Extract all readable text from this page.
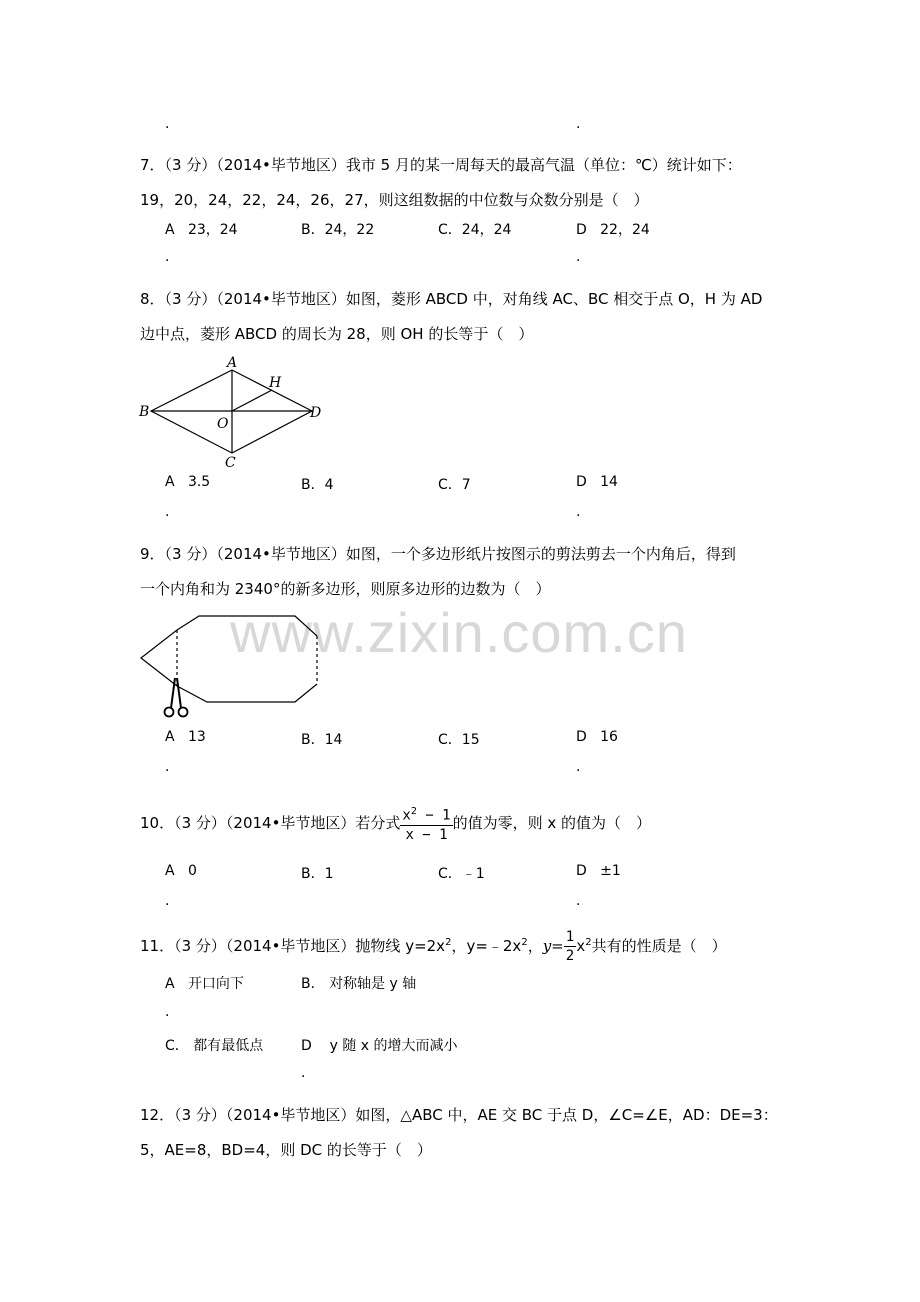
www.zixin.com.cn
.	.
7．（3 分）（2014•毕节地区）我市 5 月的某一周每天的最高气温（单位：℃）统计如下：
19，20，24，22，24，26，27，则这组数据的中位数与众数分别是（　）
A 23，24	B．24，22	C．24，24	D 22，24
.	.
8．（3 分）（2014•毕节地区）如图，菱形 ABCD 中，对角线 AC、BC 相交于点 O，H 为 AD
边中点，菱形 ABCD 的周长为 28，则 OH 的长等于（　）
A
B
C
D
O
H
A 3.5	B．4	C．7	D 14
.	.
9．（3 分）（2014•毕节地区）如图，一个多边形纸片按图示的剪法剪去一个内角后，得到
一个内角和为 2340°的新多边形，则原多边形的边数为（　）
A 13	B．14	C．15	D 16
.	.
10．（3 分）（2014•毕节地区）若分式 $\frac{x^2 - 1}{x - 1}$ 的值为零，则 x 的值为（　）
A 0	B．1	C．﹣1	D ±1
.	.
11．（3 分）（2014•毕节地区）抛物线 $y=2x^2$，$y=﹣2x^2$，$y= \frac{1}{2} x^2$共有的性质是（　）
A 开口向下	B． 对称轴是 y 轴
.
C． 都有最低点	D y 随 x 的增大而减小
.
12．（3 分）（2014•毕节地区）如图，△ABC 中，AE 交 BC 于点 D，∠C=∠E，AD：DE=3：
5，AE=8，BD=4，则 DC 的长等于（　）
